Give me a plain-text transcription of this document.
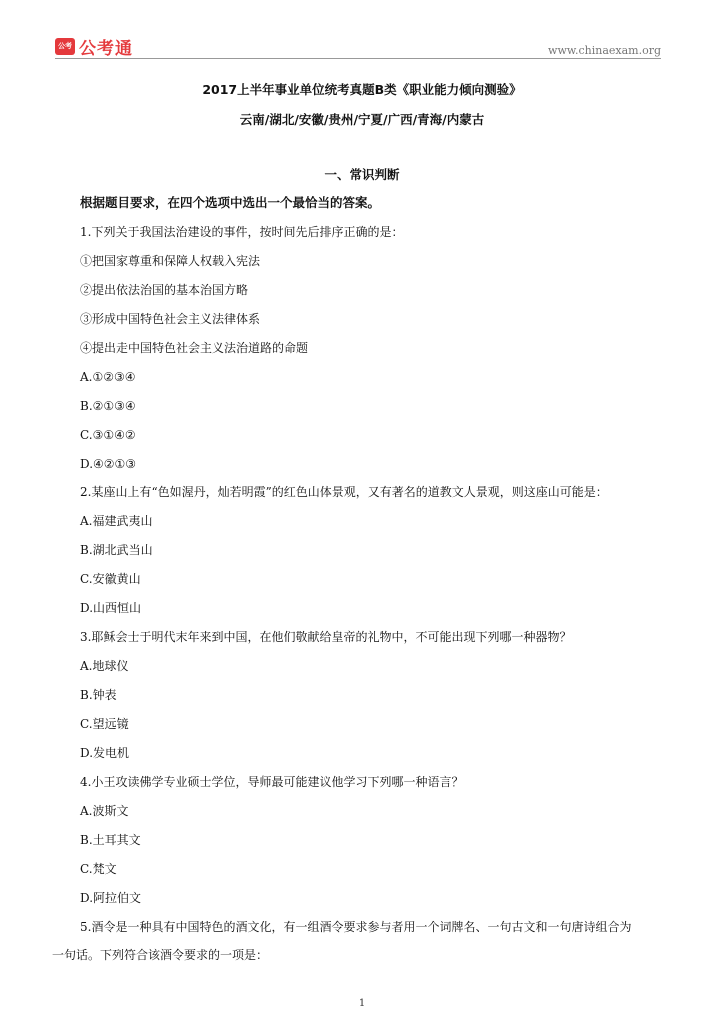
公考通
公考通	www.chinaexam.org
2017上半年事业单位统考真题B类《职业能力倾向测验》
云南/湖北/安徽/贵州/宁夏/广西/青海/内蒙古
一、常识判断
根据题目要求，在四个选项中选出一个最恰当的答案。
1.下列关于我国法治建设的事件，按时间先后排序正确的是：
①把国家尊重和保障人权载入宪法
②提出依法治国的基本治国方略
③形成中国特色社会主义法律体系
④提出走中国特色社会主义法治道路的命题
A.①②③④
B.②①③④
C.③①④②
D.④②①③
2.某座山上有“色如渥丹，灿若明霞”的红色山体景观，又有著名的道教文人景观，则这座山可能是：
A.福建武夷山
B.湖北武当山
C.安徽黄山
D.山西恒山
3.耶稣会士于明代末年来到中国，在他们敬献给皇帝的礼物中，不可能出现下列哪一种器物？
A.地球仪
B.钟表
C.望远镜
D.发电机
4.小王攻读佛学专业硕士学位，导师最可能建议他学习下列哪一种语言？
A.波斯文
B.土耳其文
C.梵文
D.阿拉伯文
5.酒令是一种具有中国特色的酒文化，有一组酒令要求参与者用一个词牌名、一句古文和一句唐诗组合为
一句话。下列符合该酒令要求的一项是：
1
